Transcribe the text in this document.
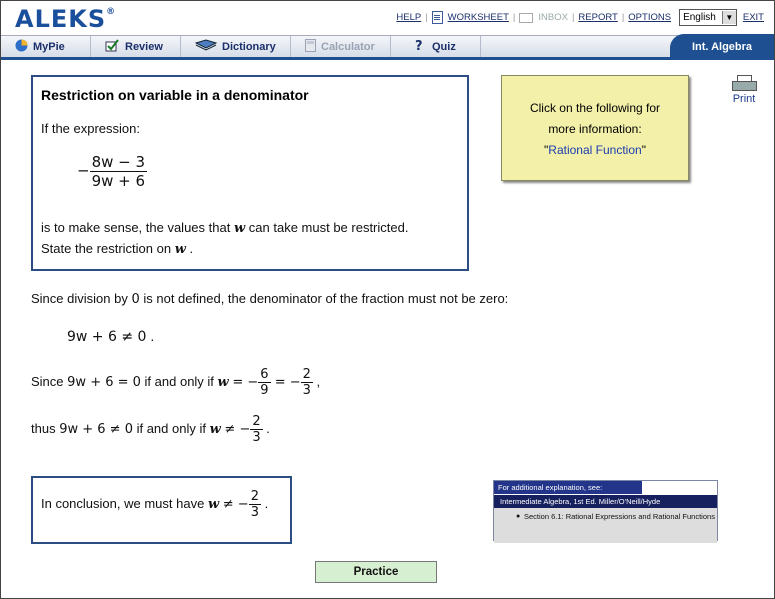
ALEKS®	HELP | WORKSHEET | INBOX | REPORT | OPTIONS English	▼ EXIT
MyPie	Review	Dictionary	Calculator	? Quiz	Int. Algebra
Restriction on variable in a denominator
If the expression:
− $\frac{8w - 3}{9w + 6}$
is to make sense, the values that w can take must be restricted.
State the restriction on w .
Click on the following for more information:
"Rational Function"
Print
Since division by 0 is not defined, the denominator of the fraction must not be zero:
9w + 6 ≠ 0 .
Since 9w + 6 = 0 if and only if w = − $\frac{6}{9}$ = − $\frac{2}{3}$ ,
thus 9w + 6 ≠ 0 if and only if w ≠ − $\frac{2}{3}$ .
In conclusion, we must have w ≠ − $\frac{2}{3}$ .
For additional explanation, see:
Intermediate Algebra, 1st Ed. Miller/O'Neill/Hyde
● Section 6.1: Rational Expressions and Rational Functions
Practice
